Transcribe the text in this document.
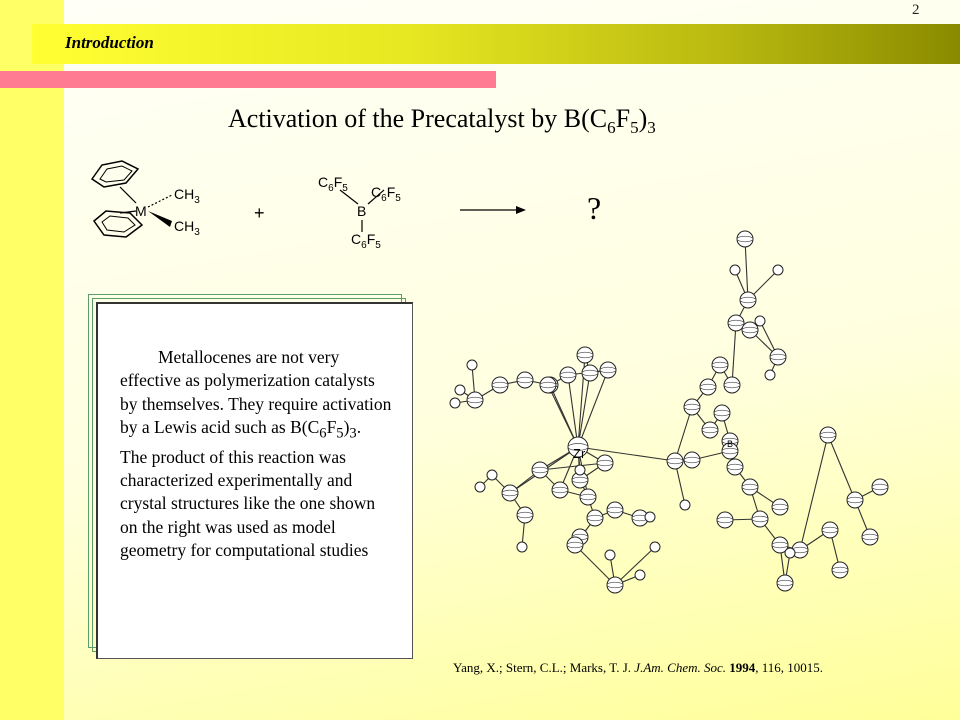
Introduction
2
Activation of the Precatalyst by $B(C_6F_5)_3$
M
$CH_3$
$CH_3$
+
$C_6F_5$ $C_6F_5$
B
$C_6F_5$
?
Metallocenes are not very effective as polymerization catalysts by themselves. They require activation by a Lewis acid such as $B(C_6F_5)_3$. The product of this reaction was characterized experimentally and crystal structures like the one shown on the right was used as model geometry for computational studies
Zr
B
Yang, X.; Stern, C.L.; Marks, T. J. J.Am. Chem. Soc. 1994, 116, 10015.
